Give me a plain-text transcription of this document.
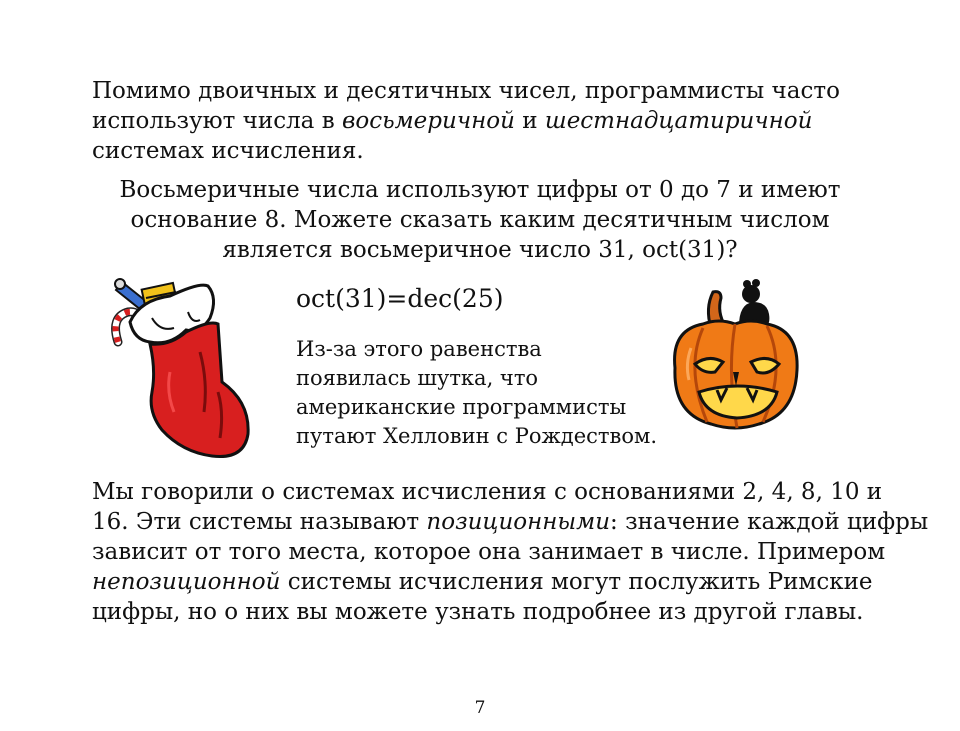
Помимо двоичных и десятичных чисел, программисты часто
используют числа в восьмеричной и шестнадцатиричной
системах исчисления.

Восьмеричные числа используют цифры от 0 до 7 и имеют
основание 8. Можете сказать каким десятичным числом
является восьмеричное число 31, oct(31)?

oct(31)=dec(25)

Из-за этого равенства
появилась шутка, что
американские программисты
путают Хелловин с Рождеством.

Мы говорили о системах исчисления с основаниями 2, 4, 8, 10 и
16. Эти системы называют позиционными: значение каждой цифры
зависит от того места, которое она занимает в числе. Примером
непозиционной системы исчисления могут послужить Римские
цифры, но о них вы можете узнать подробнее из другой главы.

7
